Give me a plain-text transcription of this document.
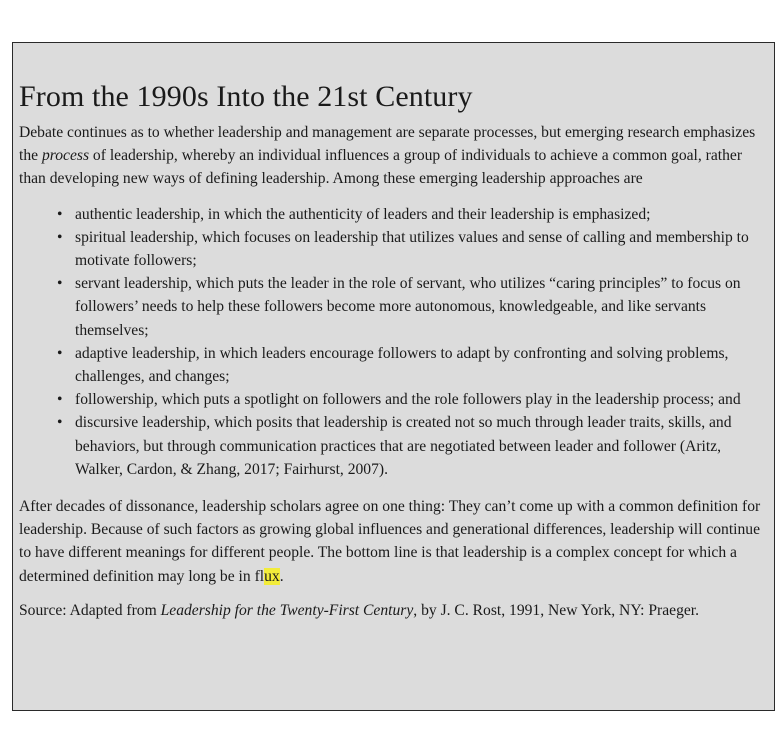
From the 1990s Into the 21st Century

Debate continues as to whether leadership and management are separate processes, but emerging research emphasizes the process of leadership, whereby an individual influences a group of individuals to achieve a common goal, rather than developing new ways of defining leadership. Among these emerging leadership approaches are

• authentic leadership, in which the authenticity of leaders and their leadership is emphasized;
• spiritual leadership, which focuses on leadership that utilizes values and sense of calling and membership to motivate followers;
• servant leadership, which puts the leader in the role of servant, who utilizes “caring principles” to focus on followers’ needs to help these followers become more autonomous, knowledgeable, and like servants themselves;
• adaptive leadership, in which leaders encourage followers to adapt by confronting and solving problems, challenges, and changes;
• followership, which puts a spotlight on followers and the role followers play in the leadership process; and
• discursive leadership, which posits that leadership is created not so much through leader traits, skills, and behaviors, but through communication practices that are negotiated between leader and follower (Aritz, Walker, Cardon, & Zhang, 2017; Fairhurst, 2007).

After decades of dissonance, leadership scholars agree on one thing: They can’t come up with a common definition for leadership. Because of such factors as growing global influences and generational differences, leadership will continue to have different meanings for different people. The bottom line is that leadership is a complex concept for which a determined definition may long be in flux.

Source: Adapted from Leadership for the Twenty-First Century, by J. C. Rost, 1991, New York, NY: Praeger.
